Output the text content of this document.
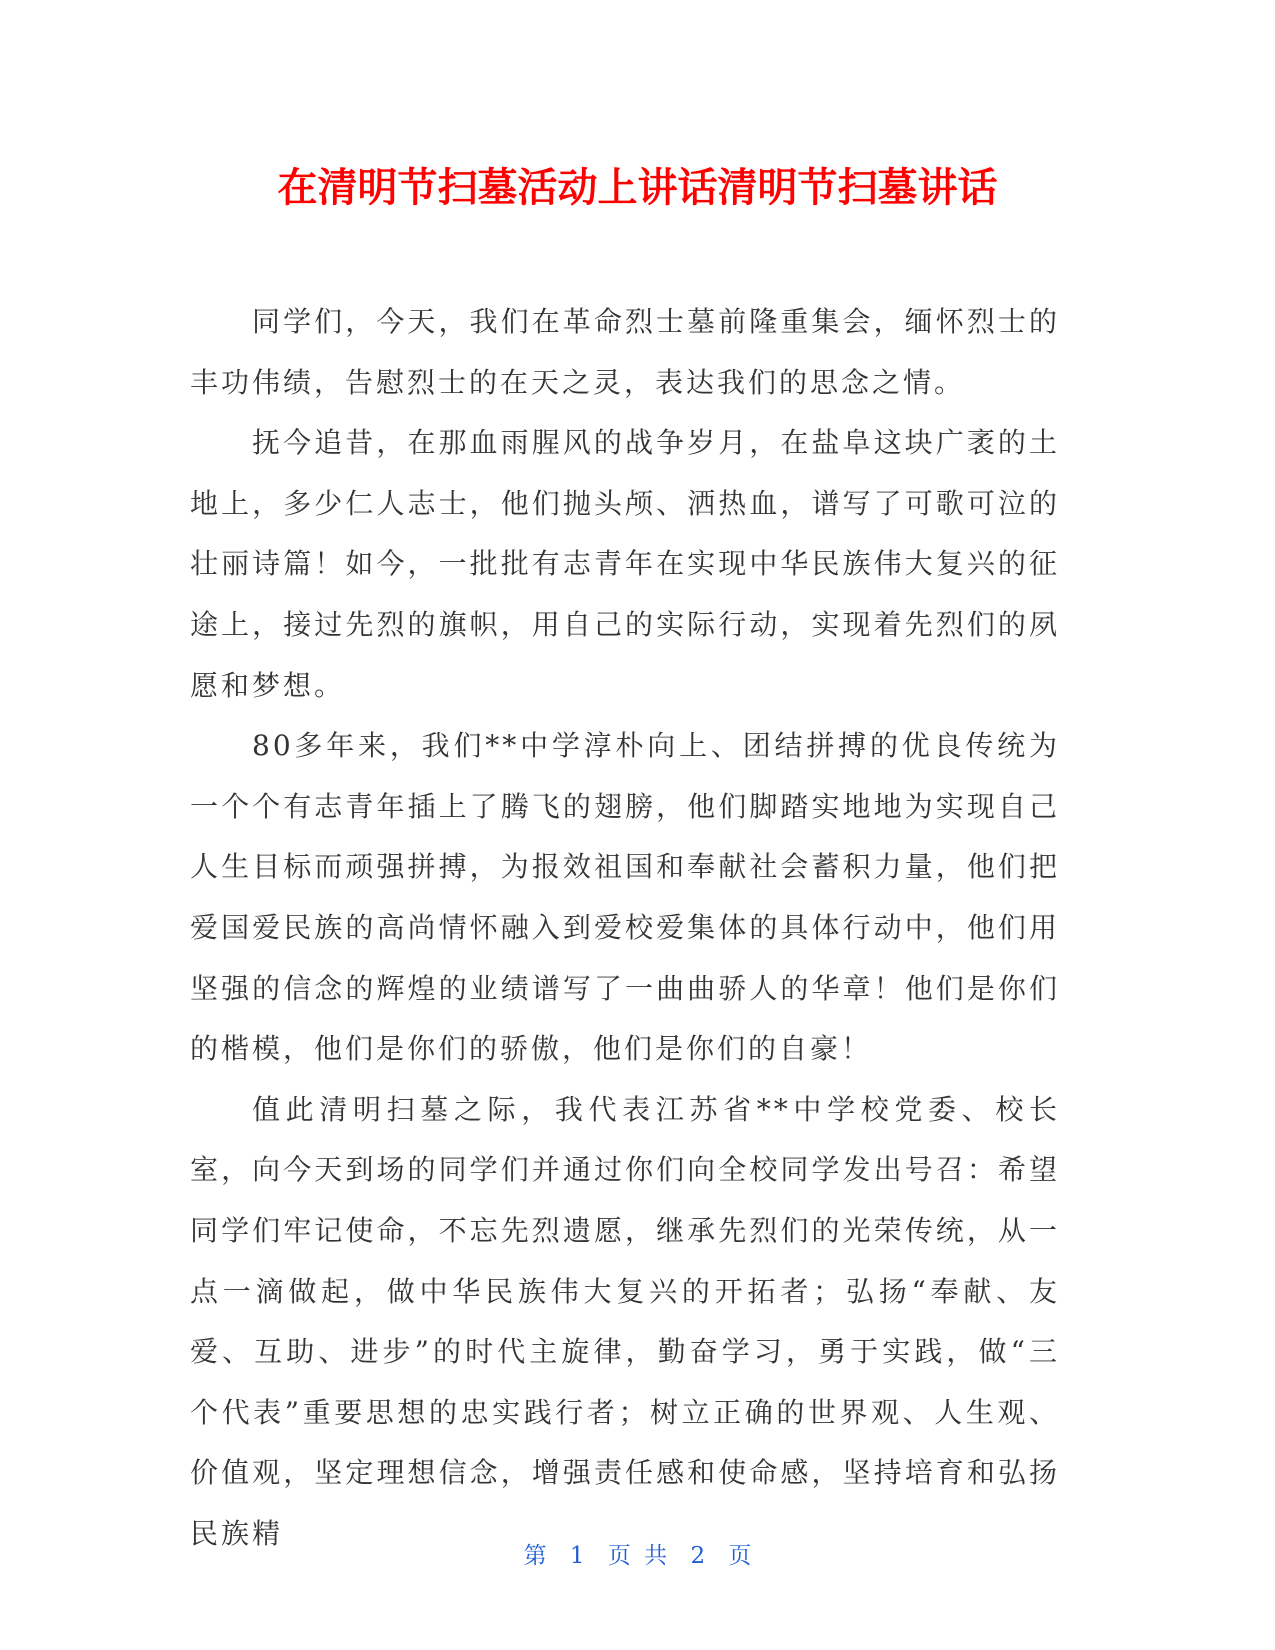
在清明节扫墓活动上讲话清明节扫墓讲话

同学们，今天，我们在革命烈士墓前隆重集会，缅怀烈士的丰功伟绩，告慰烈士的在天之灵，表达我们的思念之情。

抚今追昔，在那血雨腥风的战争岁月，在盐阜这块广袤的土地上，多少仁人志士，他们抛头颅、洒热血，谱写了可歌可泣的壮丽诗篇！如今，一批批有志青年在实现中华民族伟大复兴的征途上，接过先烈的旗帜，用自己的实际行动，实现着先烈们的夙愿和梦想。

80多年来，我们**中学淳朴向上、团结拼搏的优良传统为一个个有志青年插上了腾飞的翅膀，他们脚踏实地地为实现自己人生目标而顽强拼搏，为报效祖国和奉献社会蓄积力量，他们把爱国爱民族的高尚情怀融入到爱校爱集体的具体行动中，他们用坚强的信念的辉煌的业绩谱写了一曲曲骄人的华章！他们是你们的楷模，他们是你们的骄傲，他们是你们的自豪！

值此清明扫墓之际，我代表江苏省**中学校党委、校长室，向今天到场的同学们并通过你们向全校同学发出号召：希望同学们牢记使命，不忘先烈遗愿，继承先烈们的光荣传统，从一点一滴做起，做中华民族伟大复兴的开拓者；弘扬“奉献、友爱、互助、进步”的时代主旋律，勤奋学习，勇于实践，做“三个代表”重要思想的忠实践行者；树立正确的世界观、人生观、价值观，坚定理想信念，增强责任感和使命感，坚持培育和弘扬民族精

第 1 页 共 2 页
